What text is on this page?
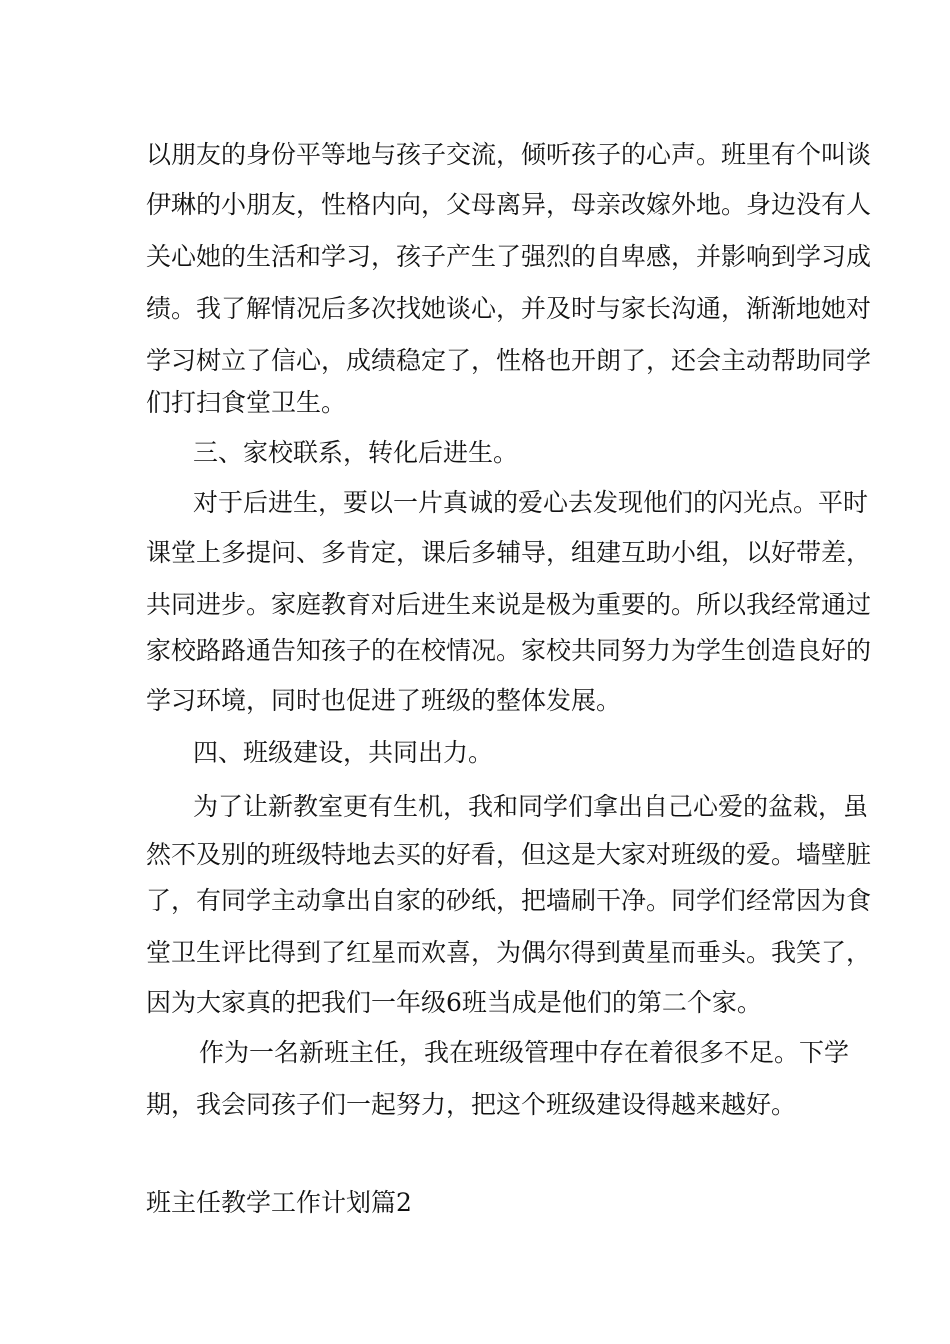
以朋友的身份平等地与孩子交流，倾听孩子的心声。班里有个叫谈
伊琳的小朋友，性格内向，父母离异，母亲改嫁外地。身边没有人
关心她的生活和学习，孩子产生了强烈的自卑感，并影响到学习成
绩。我了解情况后多次找她谈心，并及时与家长沟通，渐渐地她对
学习树立了信心，成绩稳定了，性格也开朗了，还会主动帮助同学
们打扫食堂卫生。
三、家校联系，转化后进生。
对于后进生，要以一片真诚的爱心去发现他们的闪光点。平时
课堂上多提问、多肯定，课后多辅导，组建互助小组，以好带差，
共同进步。家庭教育对后进生来说是极为重要的。所以我经常通过
家校路路通告知孩子的在校情况。家校共同努力为学生创造良好的
学习环境，同时也促进了班级的整体发展。
四、班级建设，共同出力。
为了让新教室更有生机，我和同学们拿出自己心爱的盆栽，虽
然不及别的班级特地去买的好看，但这是大家对班级的爱。墙壁脏
了，有同学主动拿出自家的砂纸，把墙刷干净。同学们经常因为食
堂卫生评比得到了红星而欢喜，为偶尔得到黄星而垂头。我笑了，
因为大家真的把我们一年级6班当成是他们的第二个家。
作为一名新班主任，我在班级管理中存在着很多不足。下学
期，我会同孩子们一起努力，把这个班级建设得越来越好。
班主任教学工作计划篇2
